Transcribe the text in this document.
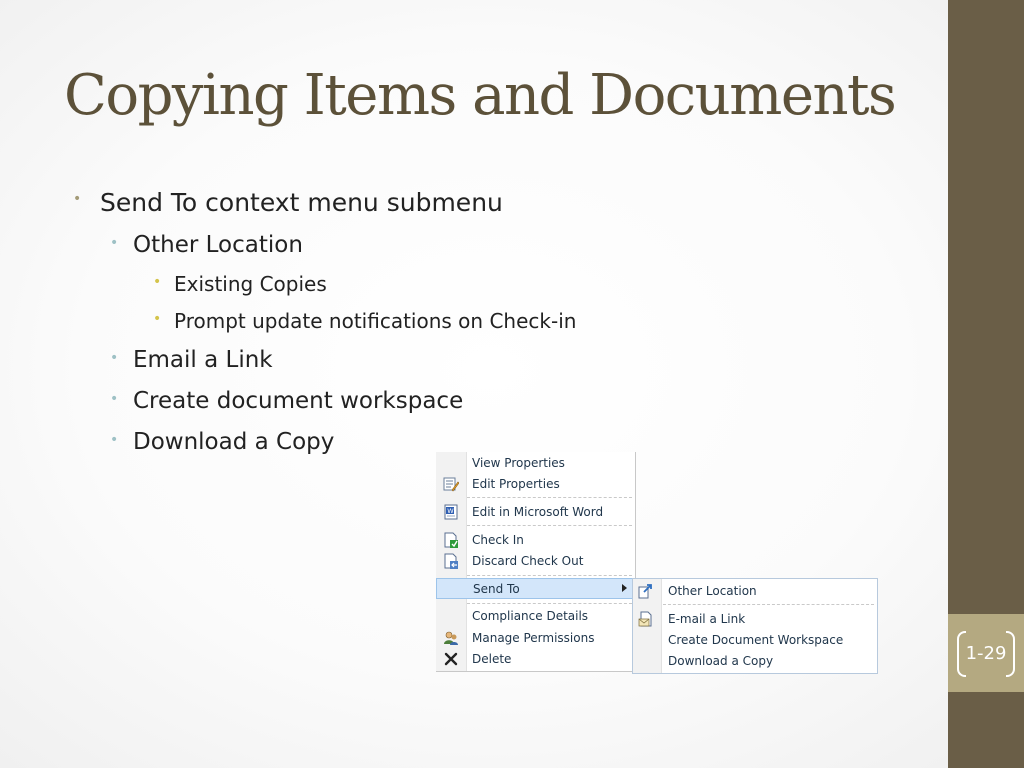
1-29
Copying Items and Documents
• Send To context menu submenu
• Other Location
• Existing Copies
• Prompt update notifications on Check-in
• Email a Link
• Create document workspace
• Download a Copy
View Properties
Edit Properties
W Edit in Microsoft Word
Check In
Discard Check Out
Send To
Compliance Details
Manage Permissions
Delete
Other Location
E-mail a Link
Create Document Workspace
Download a Copy
